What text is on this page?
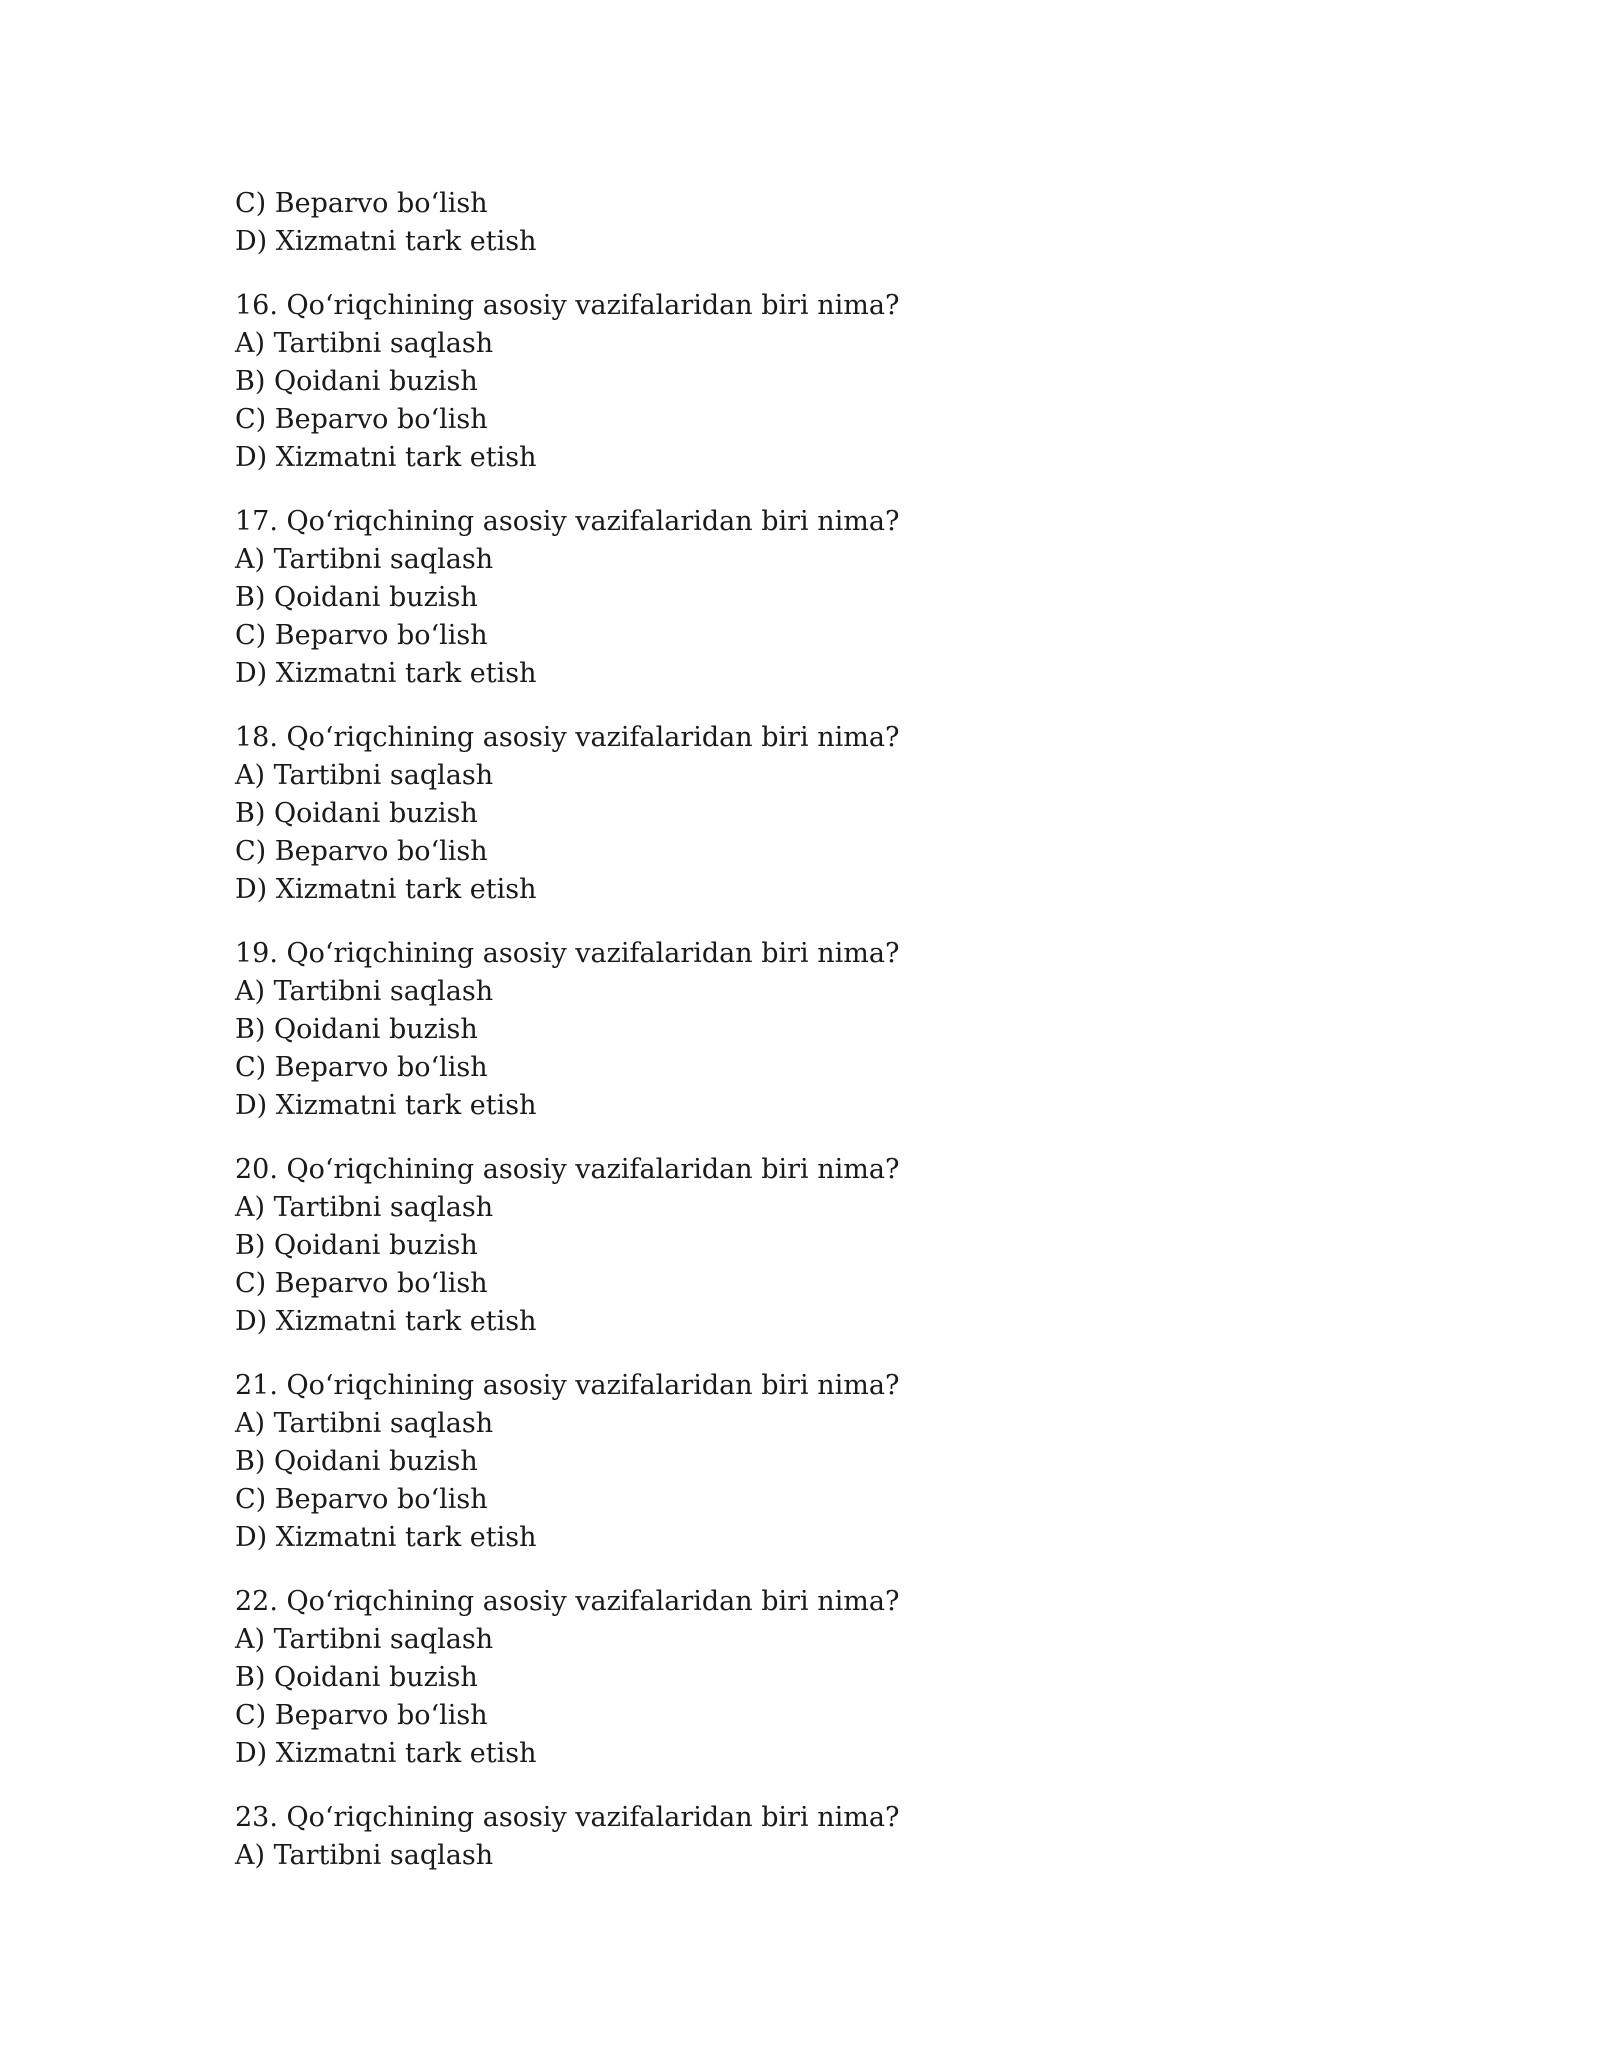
C) Beparvo bo‘lish
D) Xizmatni tark etish
16. Qo‘riqchining asosiy vazifalaridan biri nima?
A) Tartibni saqlash
B) Qoidani buzish
C) Beparvo bo‘lish
D) Xizmatni tark etish
17. Qo‘riqchining asosiy vazifalaridan biri nima?
A) Tartibni saqlash
B) Qoidani buzish
C) Beparvo bo‘lish
D) Xizmatni tark etish
18. Qo‘riqchining asosiy vazifalaridan biri nima?
A) Tartibni saqlash
B) Qoidani buzish
C) Beparvo bo‘lish
D) Xizmatni tark etish
19. Qo‘riqchining asosiy vazifalaridan biri nima?
A) Tartibni saqlash
B) Qoidani buzish
C) Beparvo bo‘lish
D) Xizmatni tark etish
20. Qo‘riqchining asosiy vazifalaridan biri nima?
A) Tartibni saqlash
B) Qoidani buzish
C) Beparvo bo‘lish
D) Xizmatni tark etish
21. Qo‘riqchining asosiy vazifalaridan biri nima?
A) Tartibni saqlash
B) Qoidani buzish
C) Beparvo bo‘lish
D) Xizmatni tark etish
22. Qo‘riqchining asosiy vazifalaridan biri nima?
A) Tartibni saqlash
B) Qoidani buzish
C) Beparvo bo‘lish
D) Xizmatni tark etish
23. Qo‘riqchining asosiy vazifalaridan biri nima?
A) Tartibni saqlash
